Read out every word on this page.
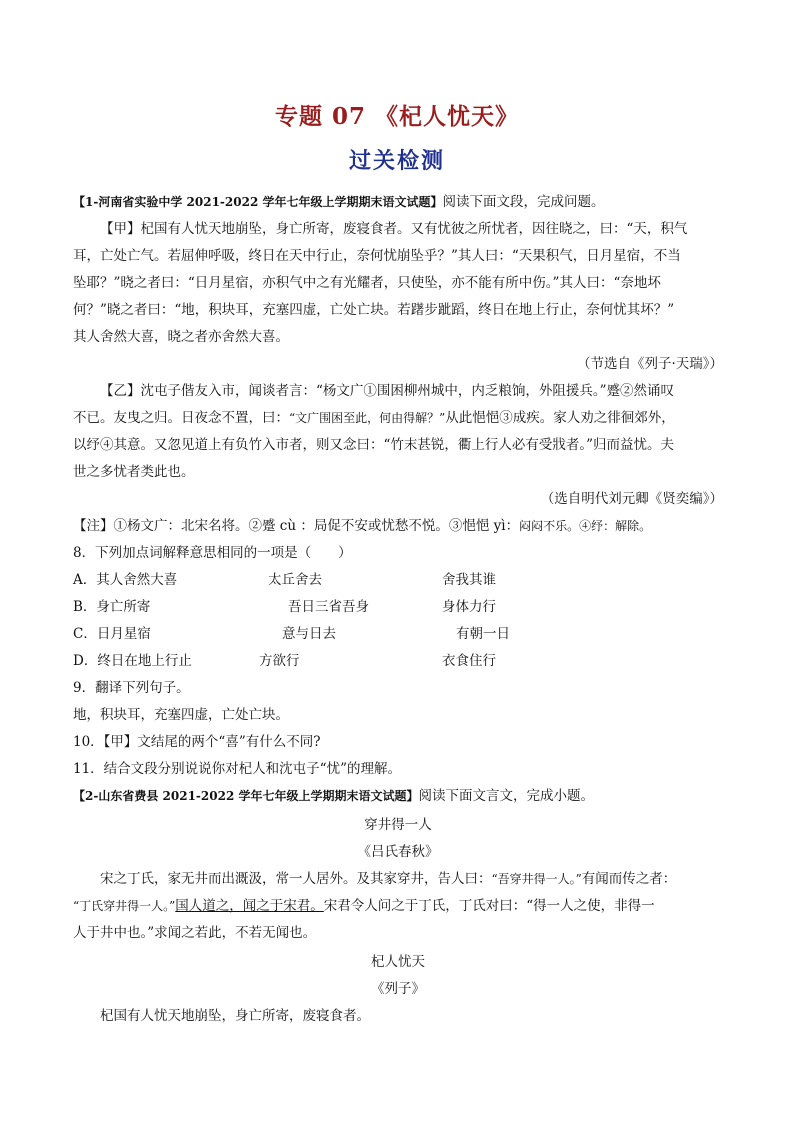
专题 07 《杞人忧天》
过关检测
【1-河南省实验中学 2021-2022 学年七年级上学期期末语文试题】阅读下面文段，完成问题。
【甲】杞国有人忧天地崩坠，身亡所寄，废寝食者。又有忧彼之所忧者，因往晓之，曰：“天，积气
耳，亡处亡气。若屈伸呼吸，终日在天中行止，奈何忧崩坠乎？”其人曰：“天果积气，日月星宿，不当
坠耶？”晓之者曰：“日月星宿，亦积气中之有光耀者，只使坠，亦不能有所中伤。”其人曰：“奈地坏
何？”晓之者曰：“地，积块耳，充塞四虚，亡处亡块。若躇步跐蹈，终日在地上行止，奈何忧其坏？”
其人舍然大喜，晓之者亦舍然大喜。
（节选自《列子·天瑞》）
【乙】沈屯子偕友入市，闻谈者言：“杨文广①围困柳州城中，内乏粮饷，外阻援兵。”蹙②然诵叹
不已。友曳之归。日夜念不置，曰：“文广围困至此，何由得解？”从此悒悒③成疾。家人劝之徘徊郊外，
以纾④其意。又忽见道上有负竹入市者，则又念曰：“竹末甚锐，衢上行人必有受戕者。”归而益忧。夫
世之多忧者类此也。
（选自明代刘元卿《贤奕编》）
【注】①杨文广：北宋名将。②蹙 cù ：局促不安或忧愁不悦。③悒悒 yì：闷闷不乐。④纾：解除。
8．下列加点词解释意思相同的一项是（　　）
A．其人舍然大喜	太丘舍去	舍我其谁
B．身亡所寄	吾日三省吾身	身体力行
C．日月星宿	意与日去	有朝一日
D．终日在地上行止	方欲行	衣食住行
9．翻译下列句子。
地，积块耳，充塞四虚，亡处亡块。
10．【甲】文结尾的两个“喜”有什么不同?
11．结合文段分别说说你对杞人和沈屯子“忧”的理解。
【2-山东省费县 2021-2022 学年七年级上学期期末语文试题】阅读下面文言文，完成小题。
穿井得一人
《吕氏春秋》
宋之丁氏，家无井而出溉汲，常一人居外。及其家穿井，告人曰：“吾穿井得一人。”有闻而传之者：
“丁氏穿井得一人。”国人道之，闻之于宋君。宋君令人问之于丁氏，丁氏对曰：“得一人之使，非得一
人于井中也。”求闻之若此，不若无闻也。
杞人忧天
《列子》
杞国有人忧天地崩坠，身亡所寄，废寝食者。
